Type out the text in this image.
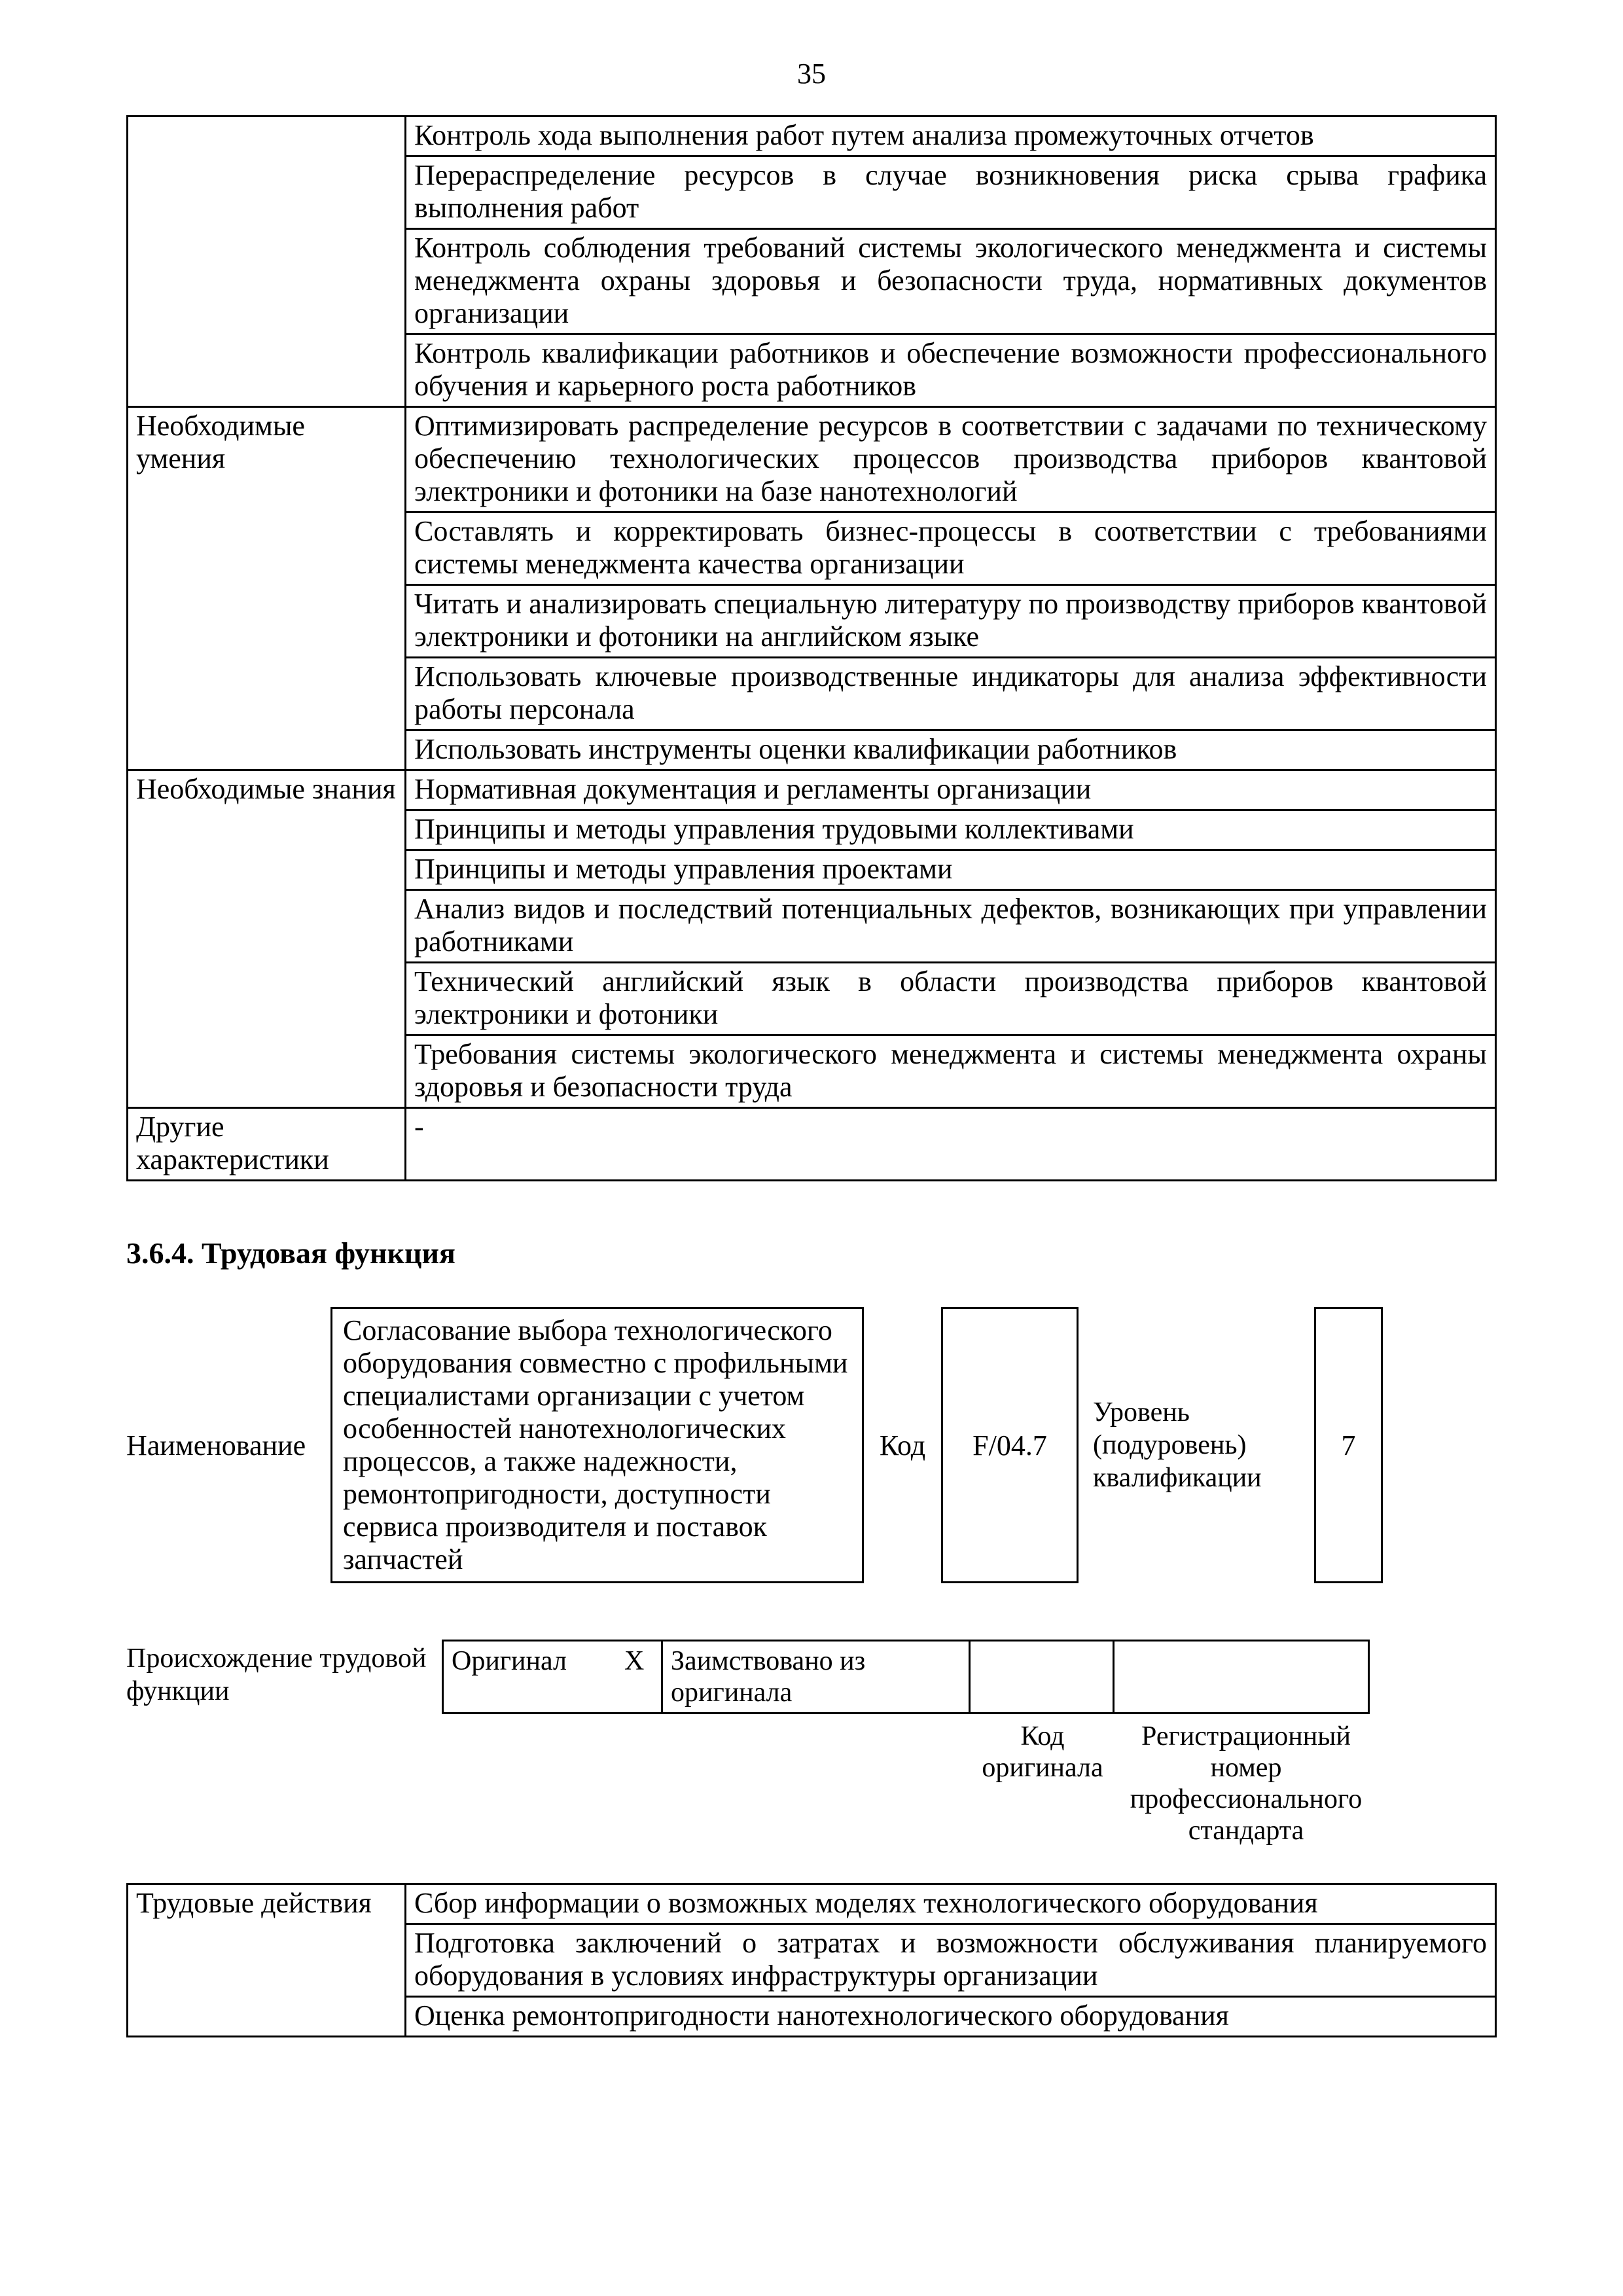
35
	Контроль хода выполнения работ путем анализа промежуточных отчетов
	Перераспределение ресурсов в случае возникновения риска срыва графика выполнения работ
	Контроль соблюдения требований системы экологического менеджмента и системы менеджмента охраны здоровья и безопасности труда, нормативных документов организации
	Контроль квалификации работников и обеспечение возможности профессионального обучения и карьерного роста работников
Необходимые умения	Оптимизировать распределение ресурсов в соответствии с задачами по техническому обеспечению технологических процессов производства приборов квантовой электроники и фотоники на базе нанотехнологий
	Составлять и корректировать бизнес-процессы в соответствии с требованиями системы менеджмента качества организации
	Читать и анализировать специальную литературу по производству приборов квантовой электроники и фотоники на английском языке
	Использовать ключевые производственные индикаторы для анализа эффективности работы персонала
	Использовать инструменты оценки квалификации работников
Необходимые знания	Нормативная документация и регламенты организации
	Принципы и методы управления трудовыми коллективами
	Принципы и методы управления проектами
	Анализ видов и последствий потенциальных дефектов, возникающих при управлении работниками
	Технический английский язык в области производства приборов квантовой электроники и фотоники
	Требования системы экологического менеджмента и системы менеджмента охраны здоровья и безопасности труда
Другие характеристики	-
3.6.4. Трудовая функция
Наименование
Согласование выбора технологического оборудования совместно с профильными специалистами организации с учетом особенностей нанотехнологических процессов, а также надежности, ремонтопригодности, доступности сервиса производителя и поставок запчастей
Код	F/04.7
Уровень (подуровень) квалификации
7
Происхождение трудовой функции
Оригинал X	Заимствовано из оригинала		
Код оригинала
Регистрационный номер профессионального стандарта
Трудовые действия	Сбор информации о возможных моделях технологического оборудования
Подготовка заключений о затратах и возможности обслуживания планируемого оборудования в условиях инфраструктуры организации
Оценка ремонтопригодности нанотехнологического оборудования
